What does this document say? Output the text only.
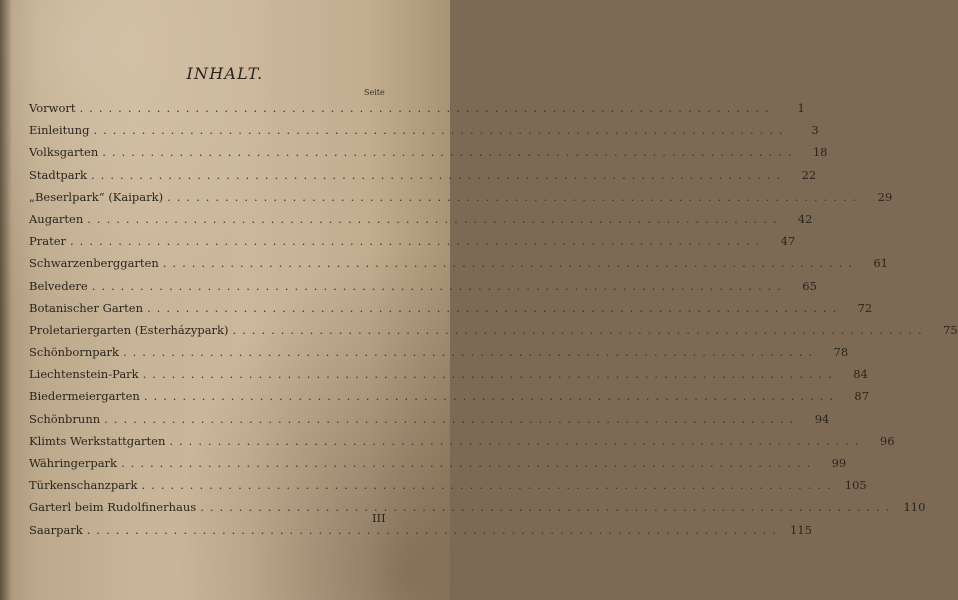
INHALT.
Seite
Vorwort ........................................................................	1
Einleitung ........................................................................	3
Volksgarten ........................................................................	18
Stadtpark ........................................................................	22
„Beserlpark“ (Kaipark) ........................................................................	29
Augarten ........................................................................	42
Prater ........................................................................	47
Schwarzenberggarten ........................................................................	61
Belvedere ........................................................................	65
Botanischer Garten ........................................................................	72
Proletariergarten (Esterházypark) ........................................................................	75
Schönbornpark ........................................................................	78
Liechtenstein-Park ........................................................................	84
Biedermeiergarten ........................................................................	87
Schönbrunn ........................................................................	94
Klimts Werkstattgarten ........................................................................	96
Währingerpark ........................................................................	99
Türkenschanzpark ........................................................................ 105
Garterl beim Rudolfinerhaus ........................................................................ 110
Saarpark ........................................................................ 115
III
